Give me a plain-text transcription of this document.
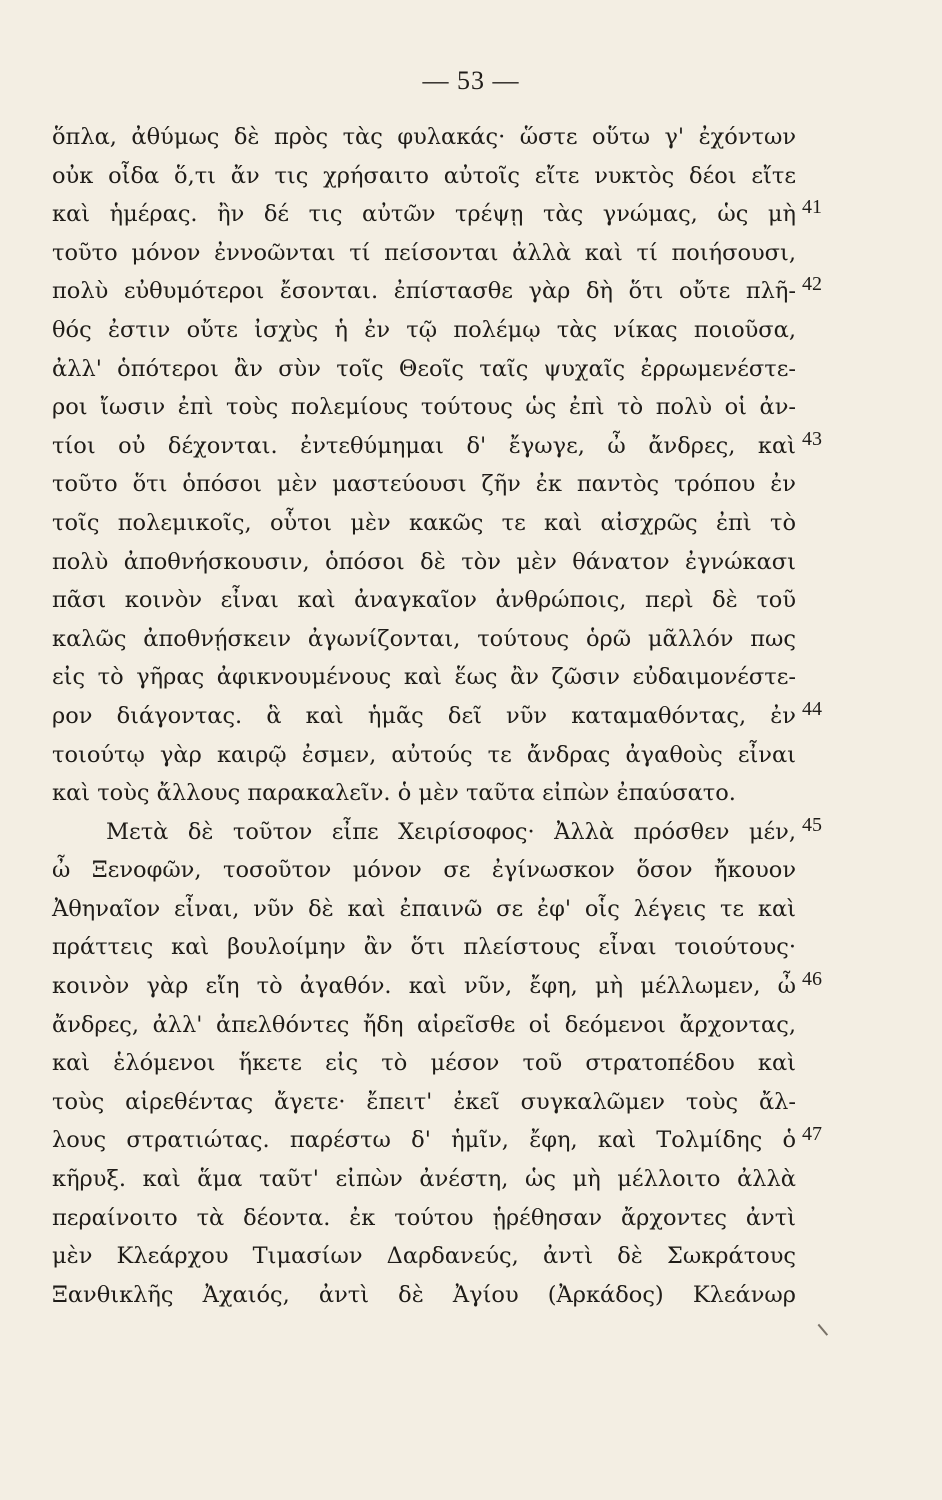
— 53 —
ὅπλα, ἀθύμως δὲ πρὸς τὰς φυλακάς· ὥστε οὕτω γ' ἐχόντων
οὐκ οἶδα ὅ,τι ἄν τις χρήσαιτο αὐτοῖς εἴτε νυκτὸς δέοι εἴτε
καὶ ἡμέρας. ἢν δέ τις αὐτῶν τρέψῃ τὰς γνώμας, ὡς μὴ
τοῦτο μόνον ἐννοῶνται τί πείσονται ἀλλὰ καὶ τί ποιήσουσι,
πολὺ εὐθυμότεροι ἔσονται. ἐπίστασθε γὰρ δὴ ὅτι οὔτε πλῆ-
θός ἐστιν οὔτε ἰσχὺς ἡ ἐν τῷ πολέμῳ τὰς νίκας ποιοῦσα,
ἀλλ' ὁπότεροι ἂν σὺν τοῖς Θεοῖς ταῖς ψυχαῖς ἐρρωμενέστε-
ροι ἴωσιν ἐπὶ τοὺς πολεμίους τούτους ὡς ἐπὶ τὸ πολὺ οἱ ἀν-
τίοι οὐ δέχονται. ἐντεθύμημαι δ' ἔγωγε, ὦ ἄνδρες, καὶ
τοῦτο ὅτι ὁπόσοι μὲν μαστεύουσι ζῆν ἐκ παντὸς τρόπου ἐν
τοῖς πολεμικοῖς, οὗτοι μὲν κακῶς τε καὶ αἰσχρῶς ἐπὶ τὸ
πολὺ ἀποθνήσκουσιν, ὁπόσοι δὲ τὸν μὲν θάνατον ἐγνώκασι
πᾶσι κοινὸν εἶναι καὶ ἀναγκαῖον ἀνθρώποις, περὶ δὲ τοῦ
καλῶς ἀποθνῄσκειν ἀγωνίζονται, τούτους ὁρῶ μᾶλλόν πως
εἰς τὸ γῆρας ἀφικνουμένους καὶ ἕως ἂν ζῶσιν εὐδαιμονέστε-
ρον διάγοντας. ἃ καὶ ἡμᾶς δεῖ νῦν καταμαθόντας, ἐν
τοιούτῳ γὰρ καιρῷ ἐσμεν, αὐτούς τε ἄνδρας ἀγαθοὺς εἶναι
καὶ τοὺς ἄλλους παρακαλεῖν. ὁ μὲν ταῦτα εἰπὼν ἐπαύσατο.
Μετὰ δὲ τοῦτον εἶπε Χειρίσοφος· Ἀλλὰ πρόσθεν μέν,
ὦ Ξενοφῶν, τοσοῦτον μόνον σε ἐγίνωσκον ὅσον ἤκουον
Ἀθηναῖον εἶναι, νῦν δὲ καὶ ἐπαινῶ σε ἐφ' οἷς λέγεις τε καὶ
πράττεις καὶ βουλοίμην ἂν ὅτι πλείστους εἶναι τοιούτους·
κοινὸν γὰρ εἴη τὸ ἀγαθόν. καὶ νῦν, ἔφη, μὴ μέλλωμεν, ὦ
ἄνδρες, ἀλλ' ἀπελθόντες ἤδη αἱρεῖσθε οἱ δεόμενοι ἄρχοντας,
καὶ ἑλόμενοι ἥκετε εἰς τὸ μέσον τοῦ στρατοπέδου καὶ
τοὺς αἱρεθέντας ἄγετε· ἔπειτ' ἐκεῖ συγκαλῶμεν τοὺς ἄλ-
λους στρατιώτας. παρέστω δ' ἡμῖν, ἔφη, καὶ Τολμίδης ὁ
κῆρυξ. καὶ ἅμα ταῦτ' εἰπὼν ἀνέστη, ὡς μὴ μέλλοιτο ἀλλὰ
περαίνοιτο τὰ δέοντα. ἐκ τούτου ᾑρέθησαν ἄρχοντες ἀντὶ
μὲν Κλεάρχου Τιμασίων Δαρδανεύς, ἀντὶ δὲ Σωκράτους
Ξανθικλῆς Ἀχαιός, ἀντὶ δὲ Ἀγίου (Ἀρκάδος) Κλεάνωρ
41
42
43
44
45
46
47
